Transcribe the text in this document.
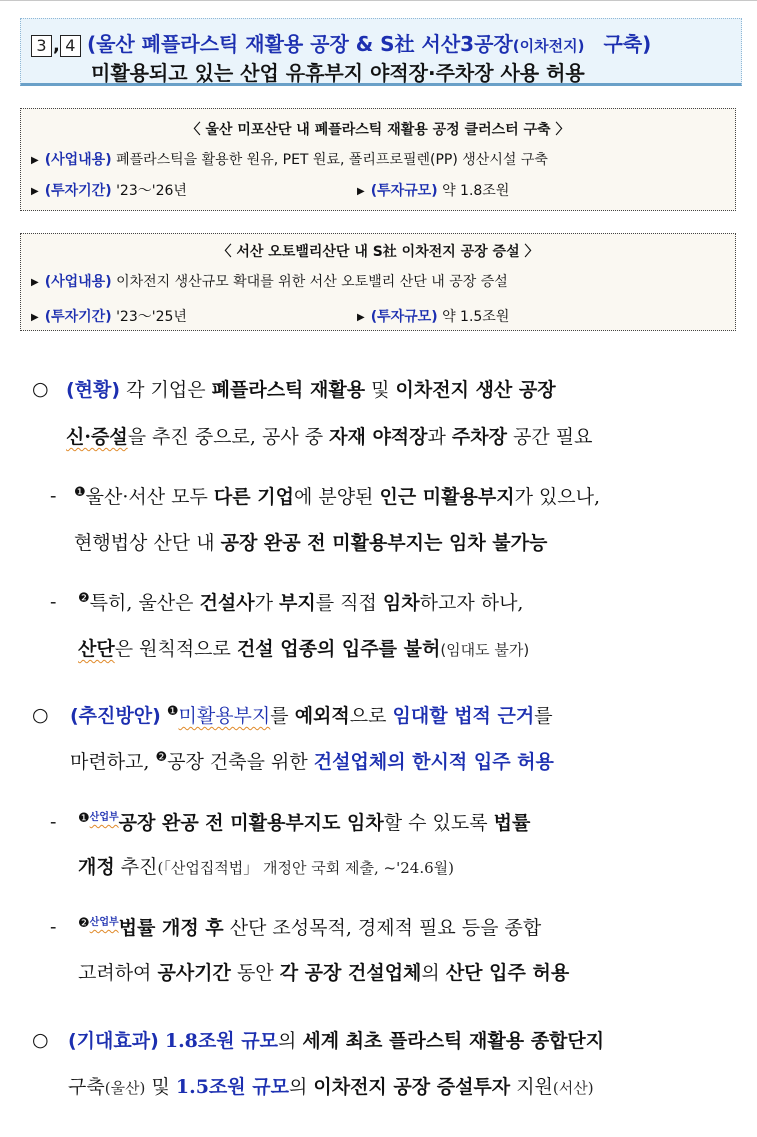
3 , 4 (울산 폐플라스틱 재활용 공장 & S社 서산3공장(이차전지) 구축)
미활용되고 있는 산업 유휴부지 야적장·주차장 사용 허용
〈 울산 미포산단 내 폐플라스틱 재활용 공정 클러스터 구축 〉
▶ (사업내용) 폐플라스틱을 활용한 원유, PET 원료, 폴리프로필렌(PP) 생산시설 구축
▶ (투자기간) '23〜'26년	▶ (투자규모) 약 1.8조원
〈 서산 오토밸리산단 내 S社 이차전지 공장 증설 〉
▶ (사업내용) 이차전지 생산규모 확대를 위한 서산 오토밸리 산단 내 공장 증설
▶ (투자기간) '23〜'25년	▶ (투자규모) 약 1.5조원
○ (현황) 각 기업은 폐플라스틱 재활용 및 이차전지 생산 공장
신·증설을 추진 중으로, 공사 중 자재 야적장과 주차장 공간 필요
- $^❶$울산·서산 모두 다른 기업에 분양된 인근 미활용부지가 있으나,
현행법상 산단 내 공장 완공 전 미활용부지는 임차 불가능
- $^❷$특히, 울산은 건설사가 부지를 직접 임차하고자 하나,
산단은 원칙적으로 건설 업종의 입주를 불허(임대도 불가)
○ (추진방안) $^❶$미활용부지를 예외적으로 임대할 법적 근거를
마련하고, $^❷$공장 건축을 위한 건설업체의 한시적 입주 허용
- $^{❶산업부}$공장 완공 전 미활용부지도 임차할 수 있도록 법률
개정 추진(「산업집적법」 개정안 국회 제출, ~'24.6월)
- $^{❷산업부}$법률 개정 후 산단 조성목적, 경제적 필요 등을 종합
고려하여 공사기간 동안 각 공장 건설업체의 산단 입주 허용
○ (기대효과) 1.8조원 규모의 세계 최초 플라스틱 재활용 종합단지
구축(울산) 및 1.5조원 규모의 이차전지 공장 증설투자 지원(서산)
